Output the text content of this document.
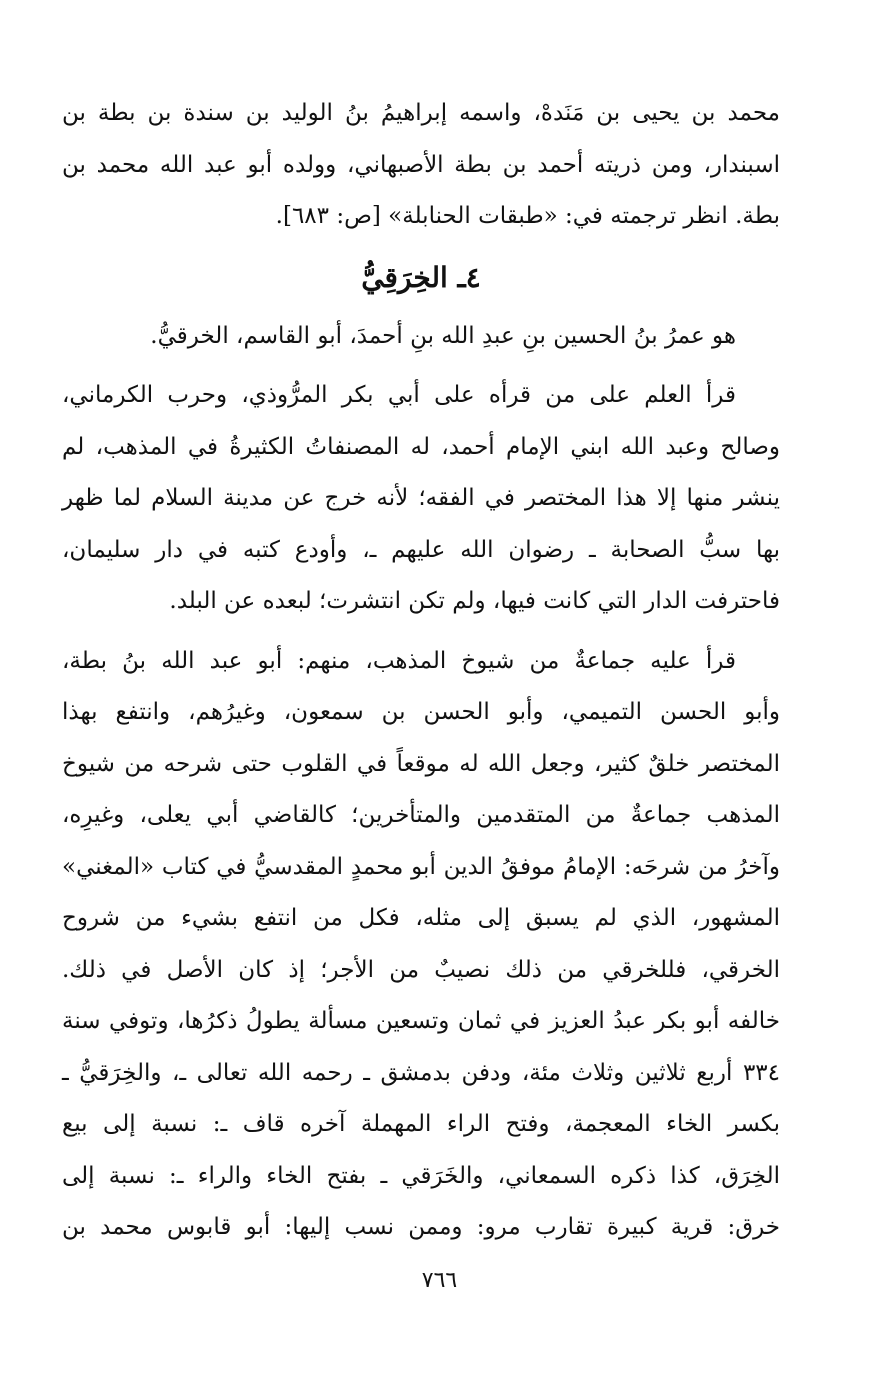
محمد بن يحيى بن مَنَدهْ، واسمه إبراهيمُ بنُ الوليد بن سندة بن بطة بن
اسبندار، ومن ذريته أحمد بن بطة الأصبهاني، وولده أبو عبد الله محمد بن
بطة. انظر ترجمته في: «طبقات الحنابلة» [ص: ٦٨٣].
٤ـ الخِرَقِيُّ
هو عمرُ بنُ الحسين بنِ عبدِ الله بنِ أحمدَ، أبو القاسم، الخرقيُّ.
قرأ العلم على من قرأه على أبي بكر المرُّوذي، وحرب الكرماني،
وصالح وعبد الله ابني الإمام أحمد، له المصنفاتُ الكثيرةُ في المذهب، لم
ينشر منها إلا هذا المختصر في الفقه؛ لأنه خرج عن مدينة السلام لما ظهر
بها سبُّ الصحابة ـ رضوان الله عليهم ـ، وأودع كتبه في دار سليمان،
فاحترفت الدار التي كانت فيها، ولم تكن انتشرت؛ لبعده عن البلد.
قرأ عليه جماعةٌ من شيوخ المذهب، منهم: أبو عبد الله بنُ بطة،
وأبو الحسن التميمي، وأبو الحسن بن سمعون، وغيرُهم، وانتفع بهذا
المختصر خلقٌ كثير، وجعل الله له موقعاً في القلوب حتى شرحه من شيوخ
المذهب جماعةٌ من المتقدمين والمتأخرين؛ كالقاضي أبي يعلى، وغيرِه،
وآخرُ من شرحَه: الإمامُ موفقُ الدين أبو محمدٍ المقدسيُّ في كتاب «المغني»
المشهور، الذي لم يسبق إلى مثله، فكل من انتفع بشيء من شروح
الخرقي، فللخرقي من ذلك نصيبٌ من الأجر؛ إذ كان الأصل في ذلك.
خالفه أبو بكر عبدُ العزيز في ثمان وتسعين مسألة يطولُ ذكرُها، وتوفي سنة
٣٣٤ أربع ثلاثين وثلاث مئة، ودفن بدمشق ـ رحمه الله تعالى ـ، والخِرَقيُّ ـ
بكسر الخاء المعجمة، وفتح الراء المهملة آخره قاف ـ: نسبة إلى بيع
الخِرَق، كذا ذكره السمعاني، والخَرَقي ـ بفتح الخاء والراء ـ: نسبة إلى
خرق: قرية كبيرة تقارب مرو: وممن نسب إليها: أبو قابوس محمد بن
٧٦٦
